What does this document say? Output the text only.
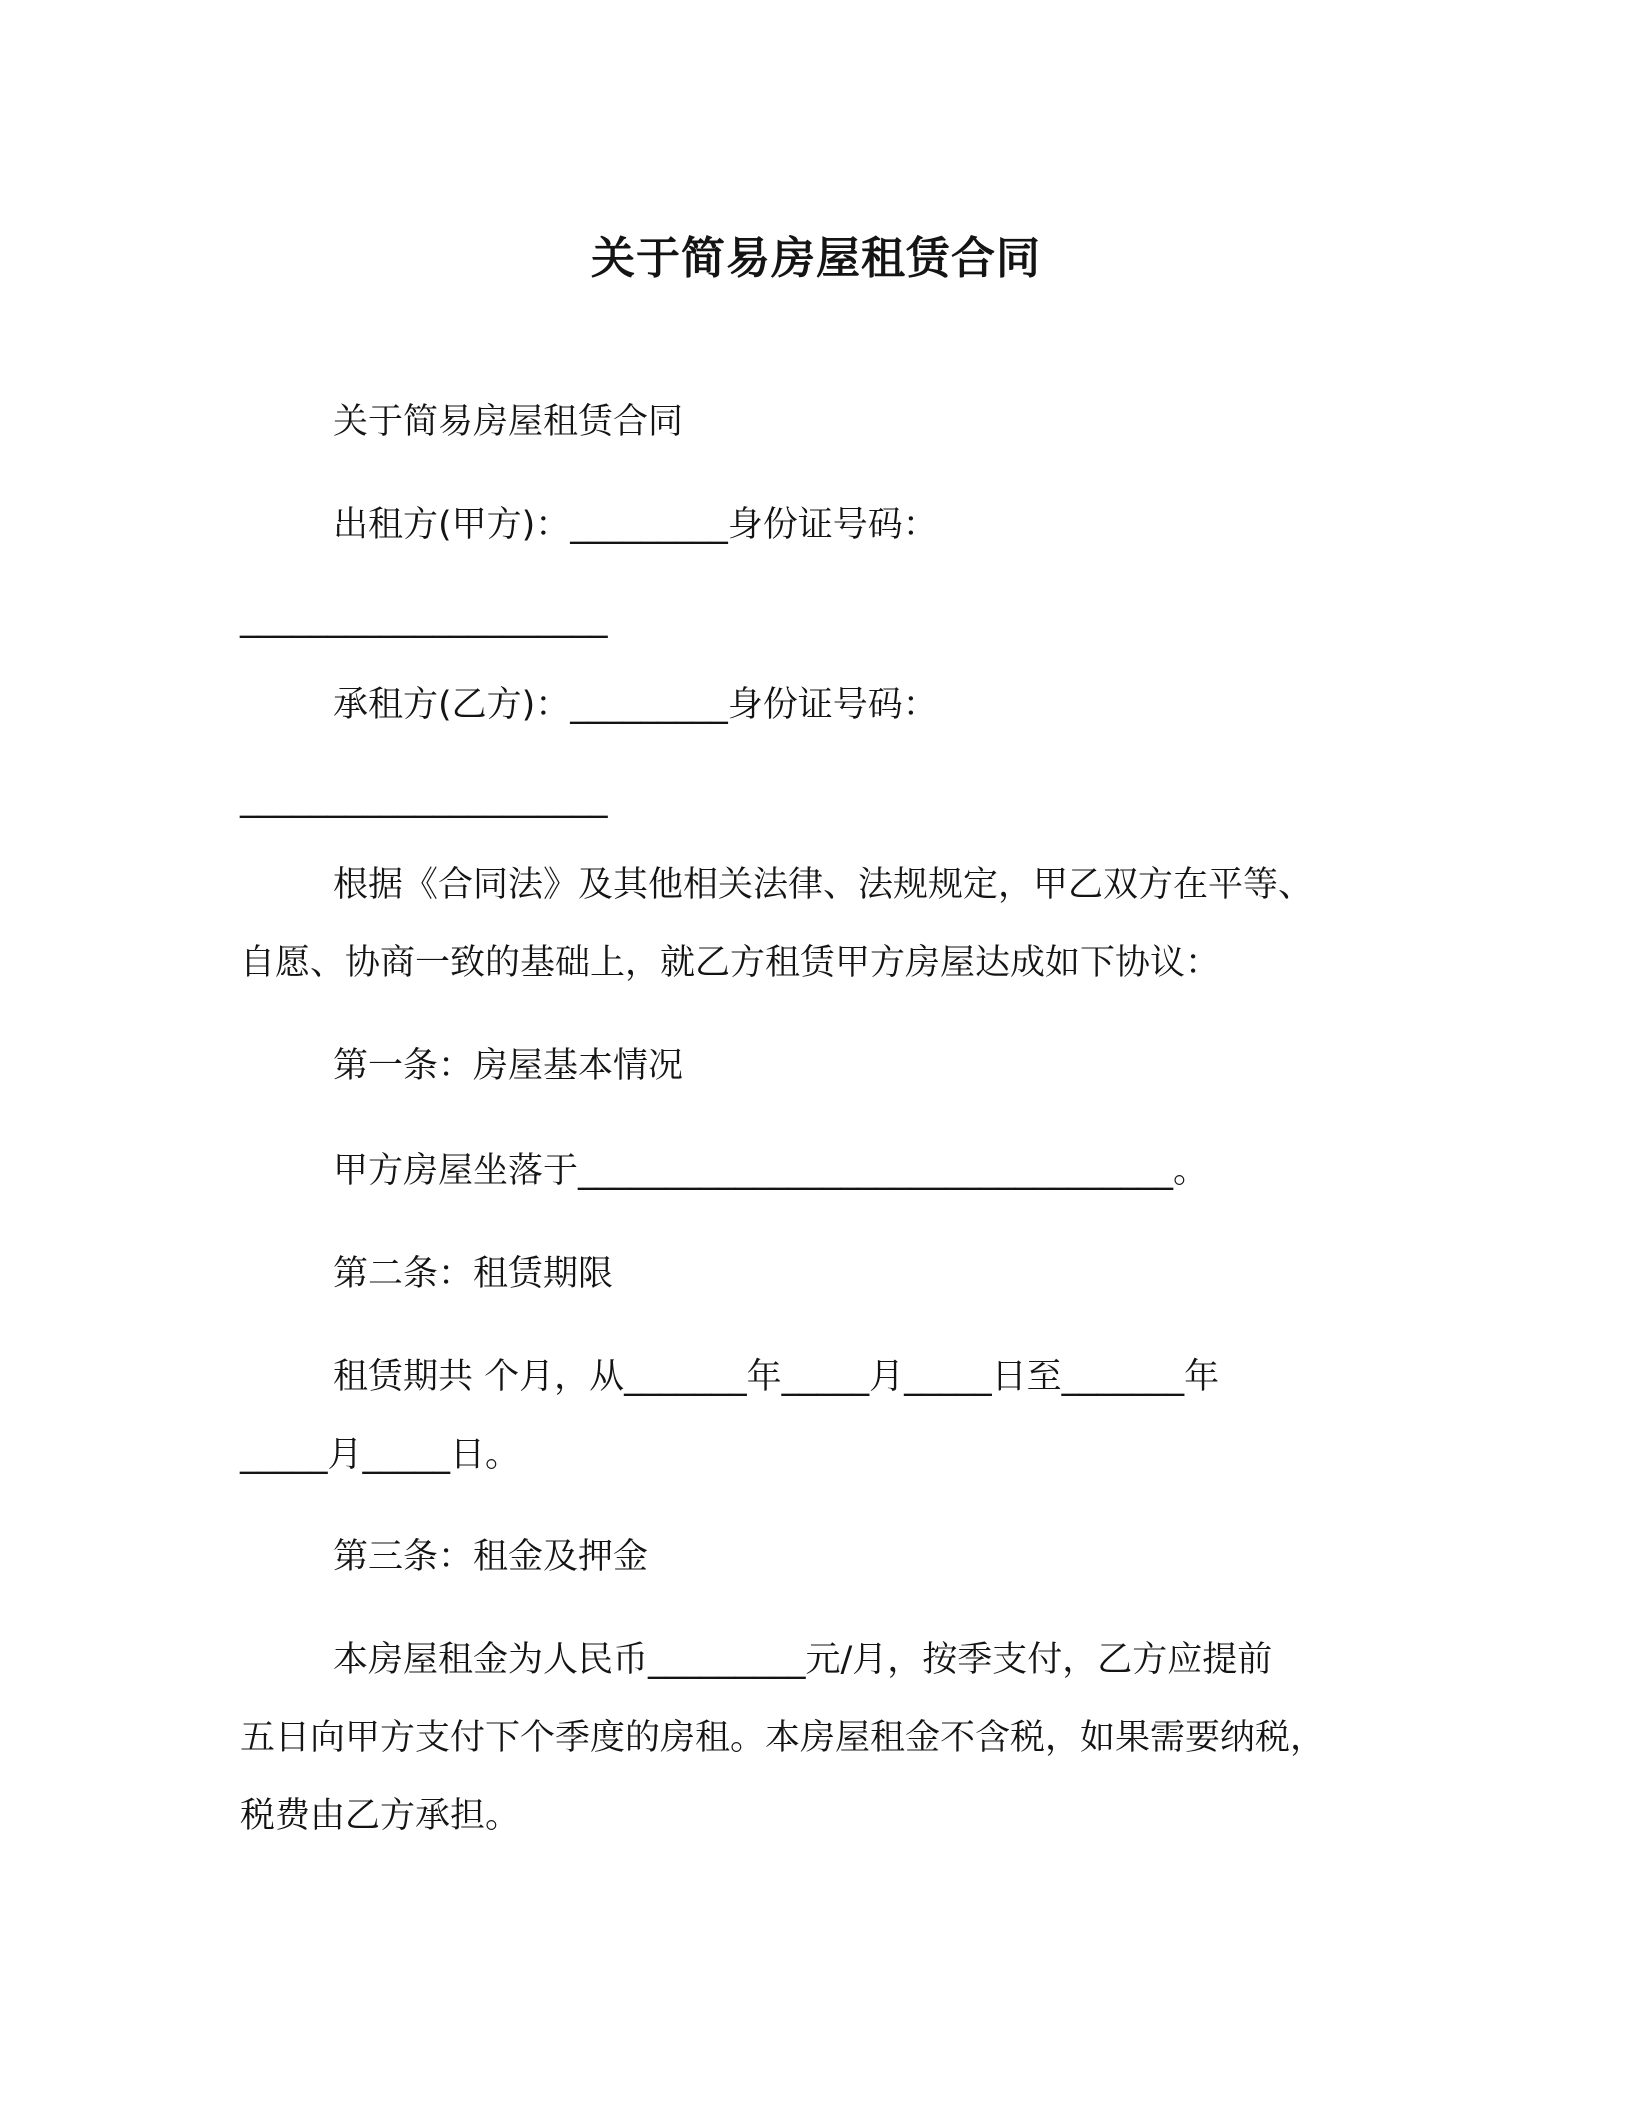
关于简易房屋租赁合同
关于简易房屋租赁合同
出租方(甲方)：_________身份证号码：
_____________________
承租方(乙方)：_________身份证号码：
_____________________
根据《合同法》及其他相关法律、法规规定，甲乙双方在平等、
自愿、协商一致的基础上，就乙方租赁甲方房屋达成如下协议：
第一条：房屋基本情况
甲方房屋坐落于__________________________________。
第二条：租赁期限
租赁期共 个月，从_______年_____月_____日至_______年
_____月_____日。
第三条：租金及押金
本房屋租金为人民币_________元/月，按季支付，乙方应提前
五日向甲方支付下个季度的房租。本房屋租金不含税，如果需要纳税，
税费由乙方承担。
